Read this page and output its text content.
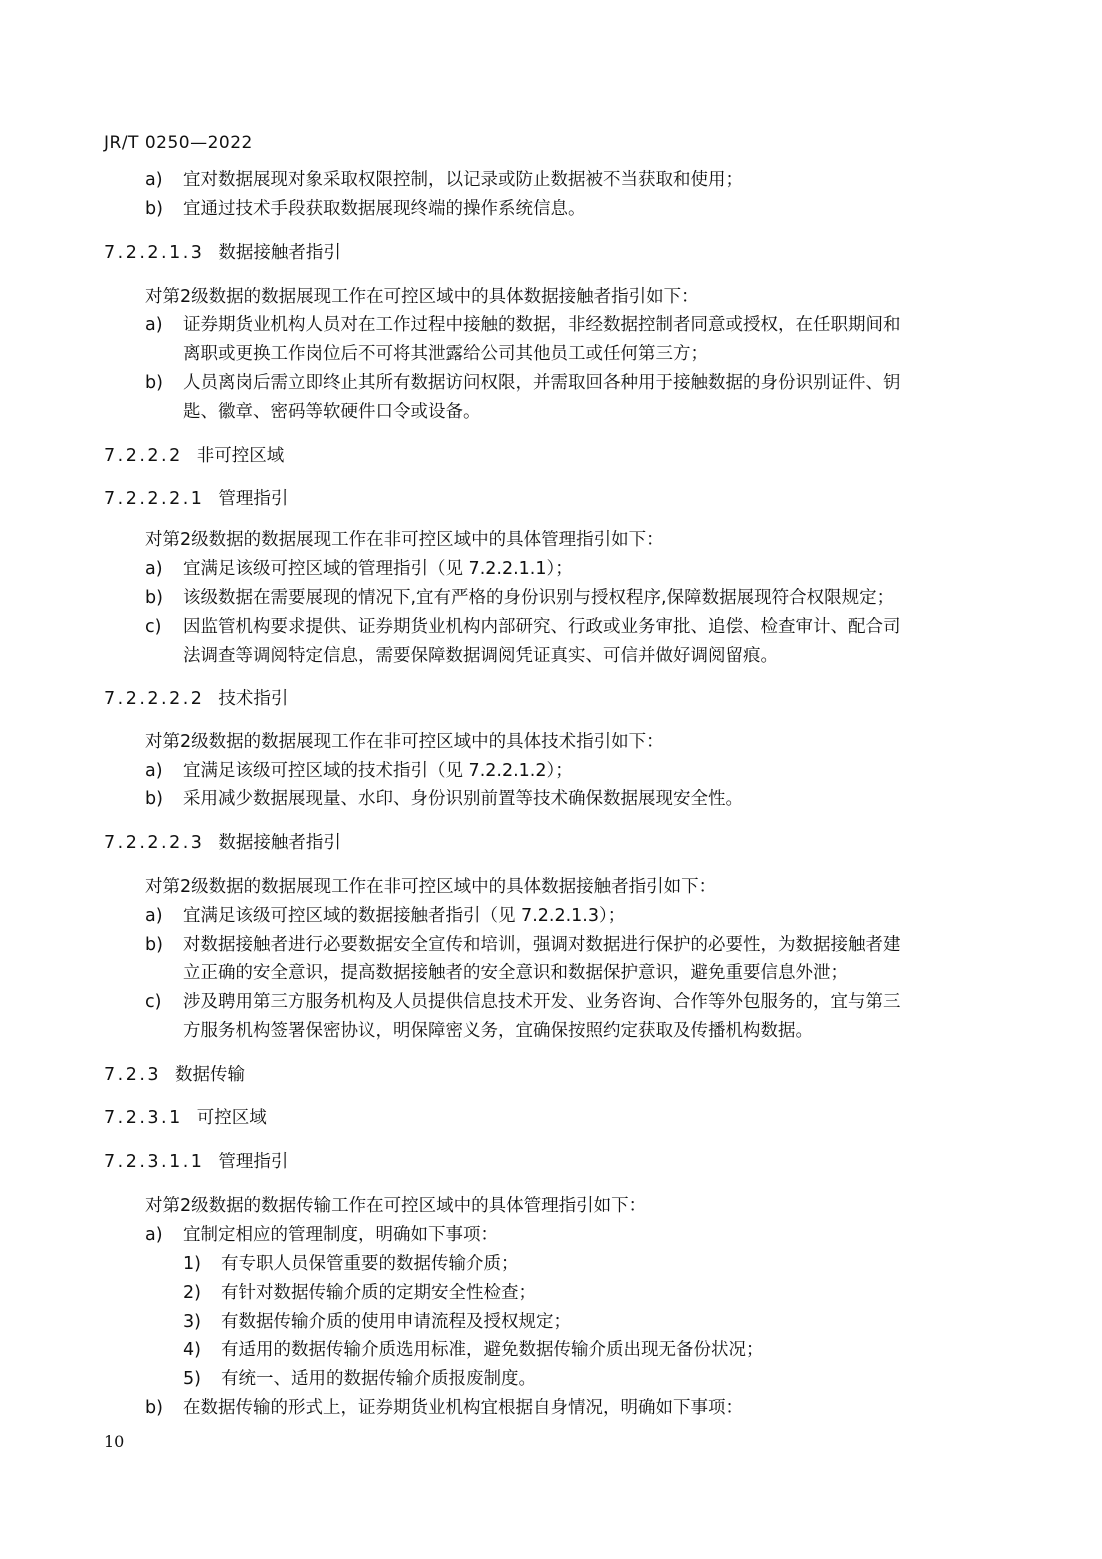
JR/T 0250—2022
a) 宜对数据展现对象采取权限控制，以记录或防止数据被不当获取和使用；
b) 宜通过技术手段获取数据展现终端的操作系统信息。
7.2.2.1.3 数据接触者指引
对第2级数据的数据展现工作在可控区域中的具体数据接触者指引如下：
a) 证券期货业机构人员对在工作过程中接触的数据，非经数据控制者同意或授权，在任职期间和
离职或更换工作岗位后不可将其泄露给公司其他员工或任何第三方；
b) 人员离岗后需立即终止其所有数据访问权限，并需取回各种用于接触数据的身份识别证件、钥
匙、徽章、密码等软硬件口令或设备。
7.2.2.2 非可控区域
7.2.2.2.1 管理指引
对第2级数据的数据展现工作在非可控区域中的具体管理指引如下：
a) 宜满足该级可控区域的管理指引（见 7.2.2.1.1）；
b) 该级数据在需要展现的情况下,宜有严格的身份识别与授权程序,保障数据展现符合权限规定；
c) 因监管机构要求提供、证券期货业机构内部研究、行政或业务审批、追偿、检查审计、配合司
法调查等调阅特定信息，需要保障数据调阅凭证真实、可信并做好调阅留痕。
7.2.2.2.2 技术指引
对第2级数据的数据展现工作在非可控区域中的具体技术指引如下：
a) 宜满足该级可控区域的技术指引（见 7.2.2.1.2）；
b) 采用减少数据展现量、水印、身份识别前置等技术确保数据展现安全性。
7.2.2.2.3 数据接触者指引
对第2级数据的数据展现工作在非可控区域中的具体数据接触者指引如下：
a) 宜满足该级可控区域的数据接触者指引（见 7.2.2.1.3）；
b) 对数据接触者进行必要数据安全宣传和培训，强调对数据进行保护的必要性，为数据接触者建
立正确的安全意识，提高数据接触者的安全意识和数据保护意识，避免重要信息外泄；
c) 涉及聘用第三方服务机构及人员提供信息技术开发、业务咨询、合作等外包服务的，宜与第三
方服务机构签署保密协议，明保障密义务，宜确保按照约定获取及传播机构数据。
7.2.3 数据传输
7.2.3.1 可控区域
7.2.3.1.1 管理指引
对第2级数据的数据传输工作在可控区域中的具体管理指引如下：
a) 宜制定相应的管理制度，明确如下事项：
1) 有专职人员保管重要的数据传输介质；
2) 有针对数据传输介质的定期安全性检查；
3) 有数据传输介质的使用申请流程及授权规定；
4) 有适用的数据传输介质选用标准，避免数据传输介质出现无备份状况；
5) 有统一、适用的数据传输介质报废制度。
b) 在数据传输的形式上，证券期货业机构宜根据自身情况，明确如下事项：
10
